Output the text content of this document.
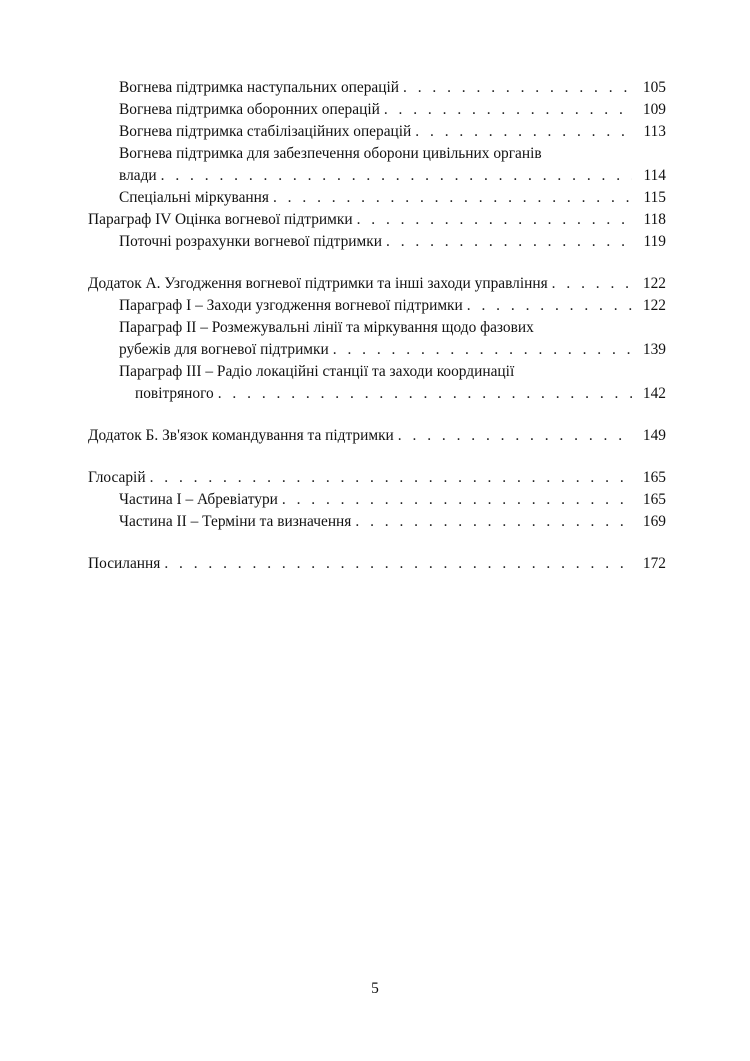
Вогнева підтримка наступальних операцій . . .	105
Вогнева підтримка оборонних операцій . . .	109
Вогнева підтримка стабілізаційних операцій . . .	113
Вогнева підтримка для забезпечення оборони цивільних органів
влади . . .	114
Спеціальні міркування . . .	115
Параграф IV Оцінка вогневої підтримки . . .	118
Поточні розрахунки вогневої підтримки . . .	119
Додаток А. Узгодження вогневої підтримки та інші заходи управління . . .	122
Параграф І – Заходи узгодження вогневої підтримки . . .	122
Параграф ІІ – Розмежувальні лінії та міркування щодо фазових
рубежів для вогневої підтримки . . .	139
Параграф ІІІ – Радіо локаційні станції та заходи координації
повітряного . . .	142
Додаток Б. Зв'язок командування та підтримки . . .	149
Глосарій . . .	165
Частина І – Абревіатури . . .	165
Частина ІІ – Терміни та визначення . . .	169
Посилання . . .	172
5
